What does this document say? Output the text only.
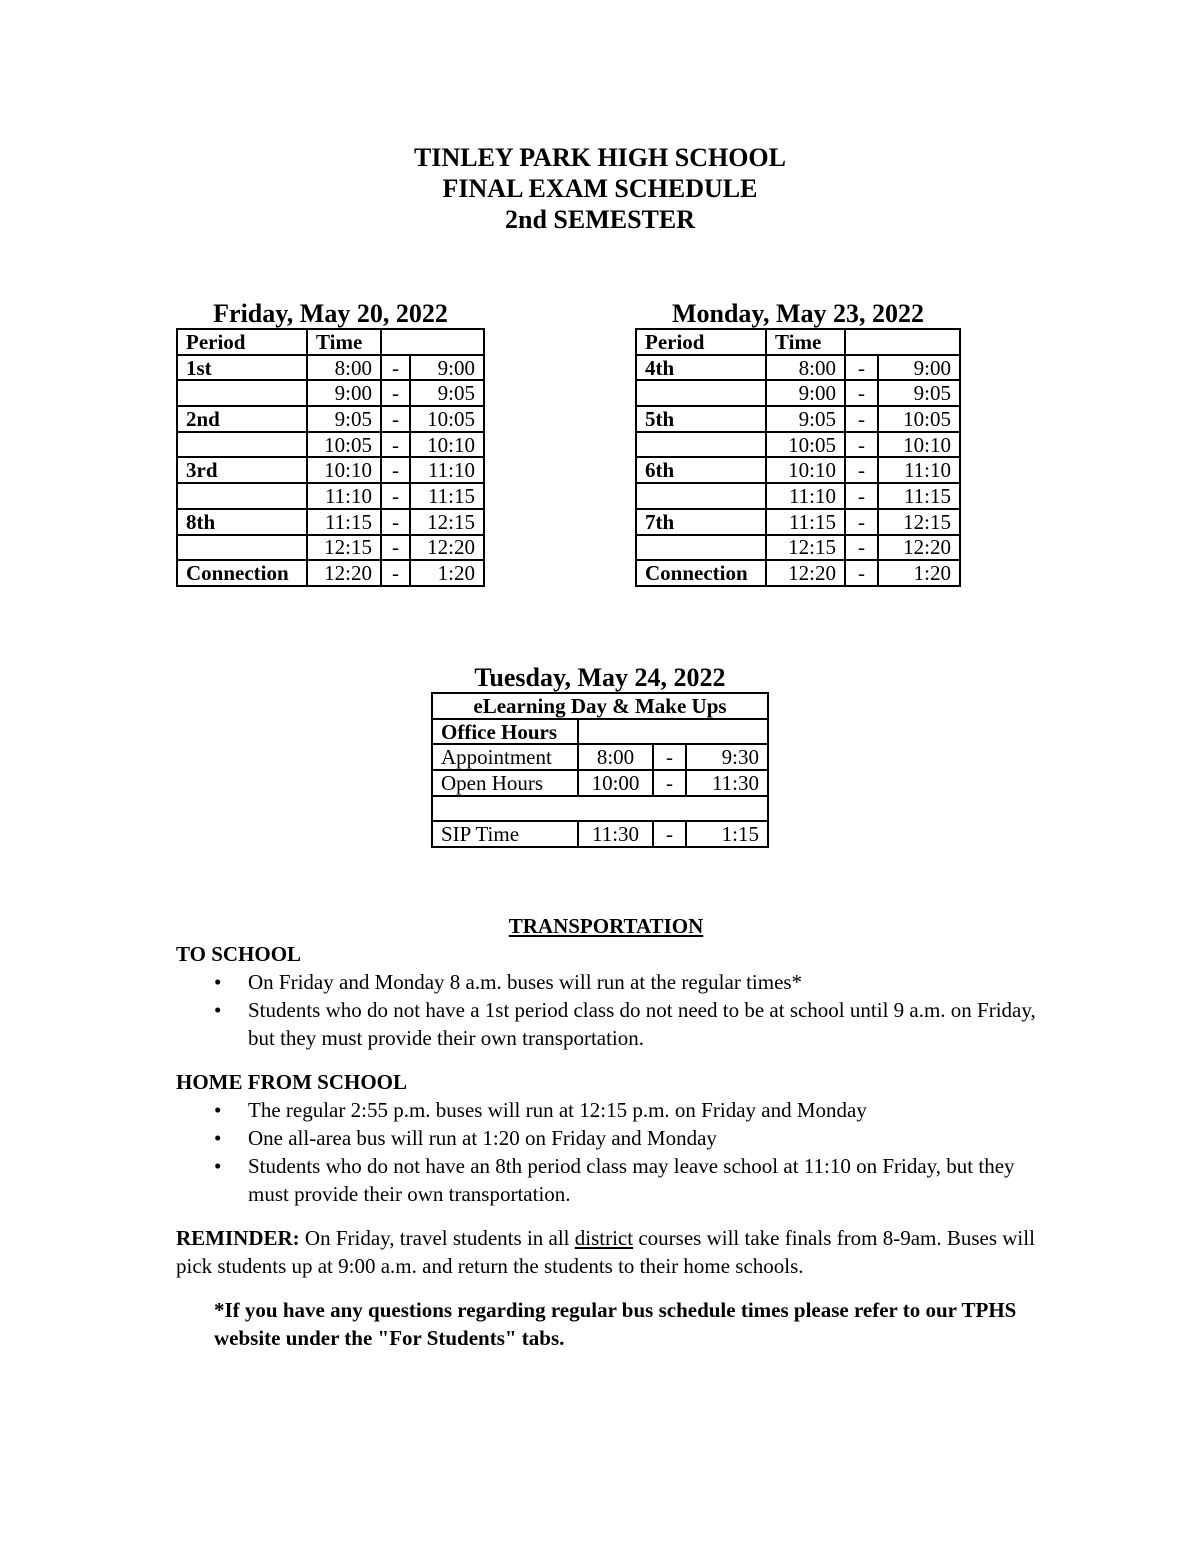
TINLEY PARK HIGH SCHOOL
FINAL EXAM SCHEDULE
2nd SEMESTER
Friday, May 20, 2022
Period	Time		
1st	8:00	-	9:00
	9:00	-	9:05
2nd	9:05	-	10:05
	10:05	-	10:10
3rd	10:10	-	11:10
	11:10	-	11:15
8th	11:15	-	12:15
	12:15	-	12:20
Connection	12:20	-	1:20
Monday, May 23, 2022
Period	Time		
4th	8:00	-	9:00
	9:00	-	9:05
5th	9:05	-	10:05
	10:05	-	10:10
6th	10:10	-	11:10
	11:10	-	11:15
7th	11:15	-	12:15
	12:15	-	12:20
Connection	12:20	-	1:20
Tuesday, May 24, 2022
eLearning Day & Make Ups			
Office Hours			
Appointment	8:00	-	9:30
Open Hours	10:00	-	11:30

SIP Time	11:30	-	1:15
TRANSPORTATION
TO SCHOOL
• On Friday and Monday 8 a.m. buses will run at the regular times*
• Students who do not have a 1st period class do not need to be at school until 9 a.m. on Friday, but they must provide their own transportation.
HOME FROM SCHOOL
• The regular 2:55 p.m. buses will run at 12:15 p.m. on Friday and Monday
• One all-area bus will run at 1:20 on Friday and Monday
• Students who do not have an 8th period class may leave school at 11:10 on Friday, but they must provide their own transportation.
REMINDER: On Friday, travel students in all district courses will take finals from 8-9am. Buses will pick students up at 9:00 a.m. and return the students to their home schools.
*If you have any questions regarding regular bus schedule times please refer to our TPHS website under the "For Students" tabs.
